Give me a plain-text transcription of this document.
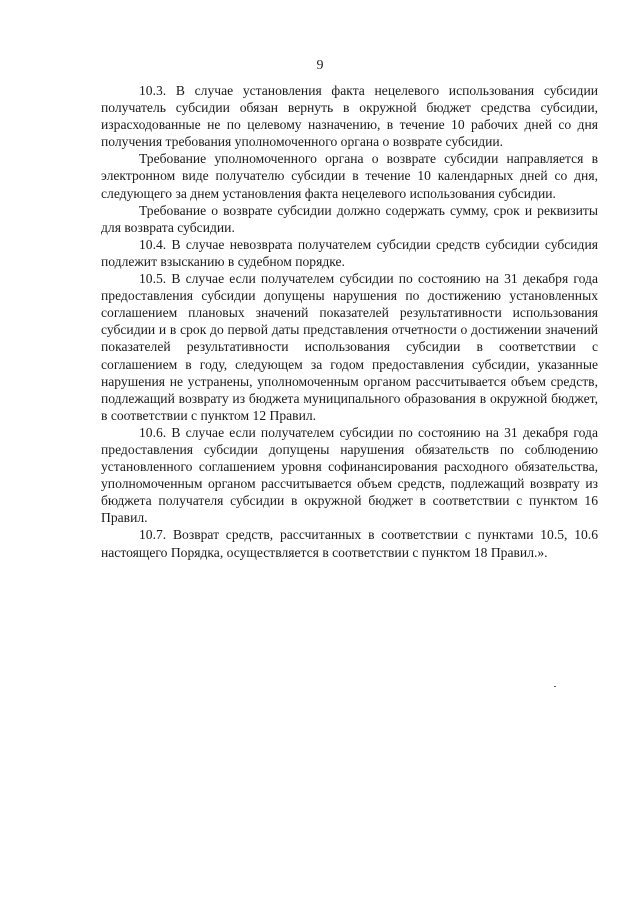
9

10.3. В случае установления факта нецелевого использования субсидии получатель субсидии обязан вернуть в окружной бюджет средства субсидии, израсходованные не по целевому назначению, в течение 10 рабочих дней со дня получения требования уполномоченного органа о возврате субсидии.

Требование уполномоченного органа о возврате субсидии направляется в электронном виде получателю субсидии в течение 10 календарных дней со дня, следующего за днем установления факта нецелевого использования субсидии.

Требование о возврате субсидии должно содержать сумму, срок и реквизиты для возврата субсидии.

10.4. В случае невозврата получателем субсидии средств субсидии субсидия подлежит взысканию в судебном порядке.

10.5. В случае если получателем субсидии по состоянию на 31 декабря года предоставления субсидии допущены нарушения по достижению установленных соглашением плановых значений показателей результативности использования субсидии и в срок до первой даты представления отчетности о достижении значений показателей результативности использования субсидии в соответствии с соглашением в году, следующем за годом предоставления субсидии, указанные нарушения не устранены, уполномоченным органом рассчитывается объем средств, подлежащий возврату из бюджета муниципального образования в окружной бюджет, в соответствии с пунктом 12 Правил.

10.6. В случае если получателем субсидии по состоянию на 31 декабря года предоставления субсидии допущены нарушения обязательств по соблюдению установленного соглашением уровня софинансирования расходного обязательства, уполномоченным органом рассчитывается объем средств, подлежащий возврату из бюджета получателя субсидии в окружной бюджет в соответствии с пунктом 16 Правил.

10.7. Возврат средств, рассчитанных в соответствии с пунктами 10.5, 10.6 настоящего Порядка, осуществляется в соответствии с пунктом 18 Правил.».
